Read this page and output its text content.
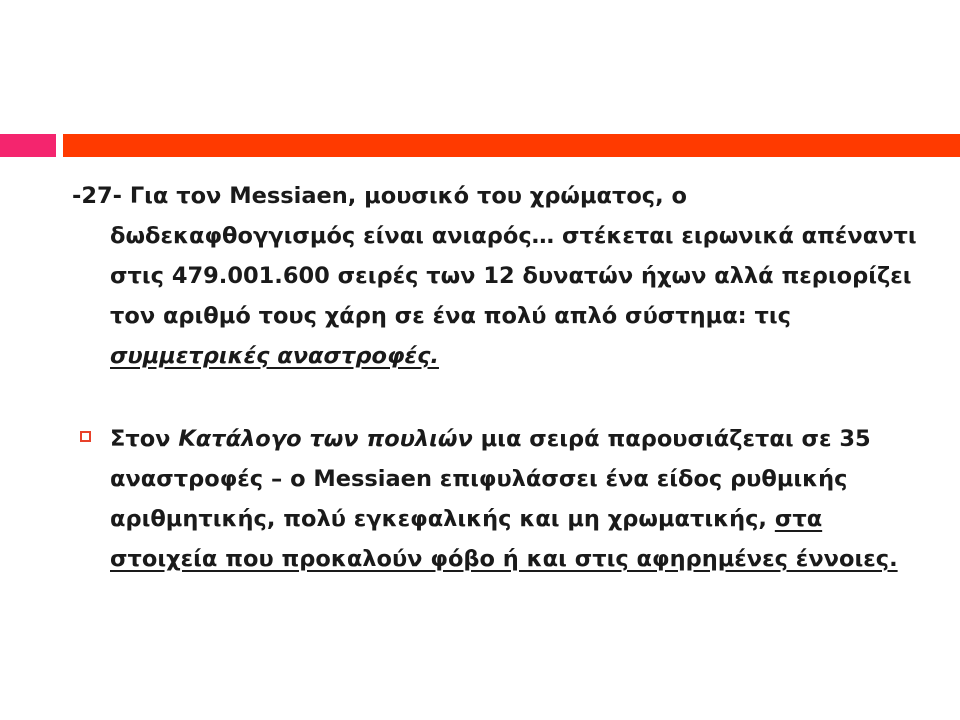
-27- Για τον Messiaen, μουσικό του χρώματος, ο δωδεκαφθογγισμός είναι ανιαρός… στέκεται ειρωνικά απέναντι στις 479.001.600 σειρές των 12 δυνατών ήχων αλλά περιορίζει τον αριθμό τους χάρη σε ένα πολύ απλό σύστημα: τις συμμετρικές αναστροφές.

Στον Κατάλογο των πουλιών μια σειρά παρουσιάζεται σε 35 αναστροφές – ο Messiaen επιφυλάσσει ένα είδος ρυθμικής αριθμητικής, πολύ εγκεφαλικής και μη χρωματικής, στα στοιχεία που προκαλούν φόβο ή και στις αφηρημένες έννοιες.
